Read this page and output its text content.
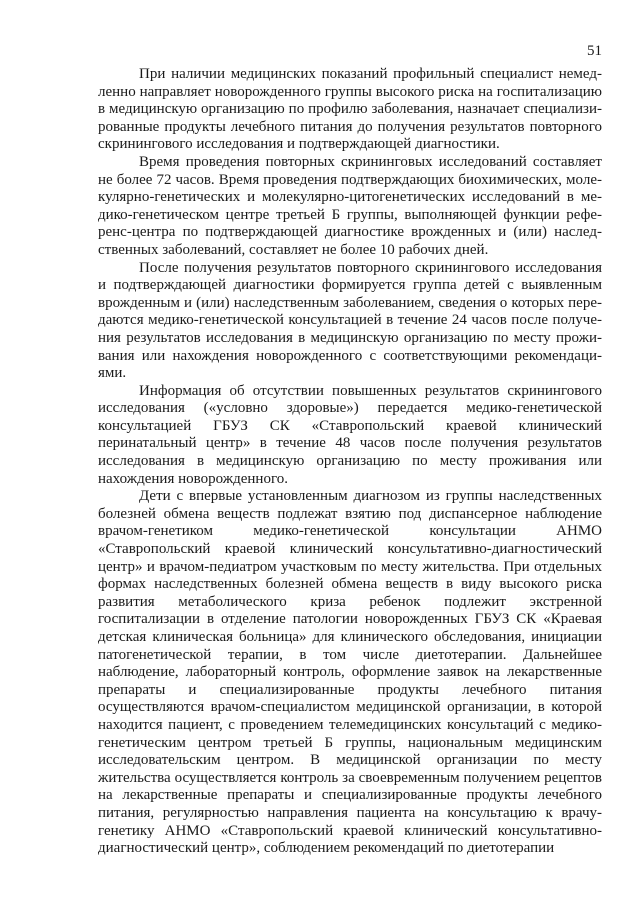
51

При наличии медицинских показаний профильный специалист немедленно направляет новорожденного группы высокого риска на госпитализацию в медицинскую организацию по профилю заболевания, назначает специализированные продукты лечебного питания до получения результатов повторного скринингового исследования и подтверждающей диагностики.

Время проведения повторных скрининговых исследований составляет не более 72 часов. Время проведения подтверждающих биохимических, молекулярно-генетических и молекулярно-цитогенетических исследований в медико-генетическом центре третьей Б группы, выполняющей функции референс-центра по подтверждающей диагностике врожденных и (или) наследственных заболеваний, составляет не более 10 рабочих дней.

После получения результатов повторного скринингового исследования и подтверждающей диагностики формируется группа детей с выявленным врожденным и (или) наследственным заболеванием, сведения о которых передаются медико-генетической консультацией в течение 24 часов после получения результатов исследования в медицинскую организацию по месту проживания или нахождения новорожденного с соответствующими рекомендациями.

Информация об отсутствии повышенных результатов скринингового исследования («условно здоровые») передается медико-генетической консультацией ГБУЗ СК «Ставропольский краевой клинический перинатальный центр» в течение 48 часов после получения результатов исследования в медицинскую организацию по месту проживания или нахождения новорожденного.

Дети с впервые установленным диагнозом из группы наследственных болезней обмена веществ подлежат взятию под диспансерное наблюдение врачом-генетиком медико-генетической консультации АНМО «Ставропольский краевой клинический консультативно-диагностический центр» и врачом-педиатром участковым по месту жительства. При отдельных формах наследственных болезней обмена веществ в виду высокого риска развития метаболического криза ребенок подлежит экстренной госпитализации в отделение патологии новорожденных ГБУЗ СК «Краевая детская клиническая больница» для клинического обследования, инициации патогенетической терапии, в том числе диетотерапии. Дальнейшее наблюдение, лабораторный контроль, оформление заявок на лекарственные препараты и специализированные продукты лечебного питания осуществляются врачом-специалистом медицинской организации, в которой находится пациент, с проведением телемедицинских консультаций с медико-генетическим центром третьей Б группы, национальным медицинским исследовательским центром. В медицинской организации по месту жительства осуществляется контроль за своевременным получением рецептов на лекарственные препараты и специализированные продукты лечебного питания, регулярностью направления пациента на консультацию к врачу-генетику АНМО «Ставропольский краевой клинический консультативно-диагностический центр», соблюдением рекомендаций по диетотерапии
